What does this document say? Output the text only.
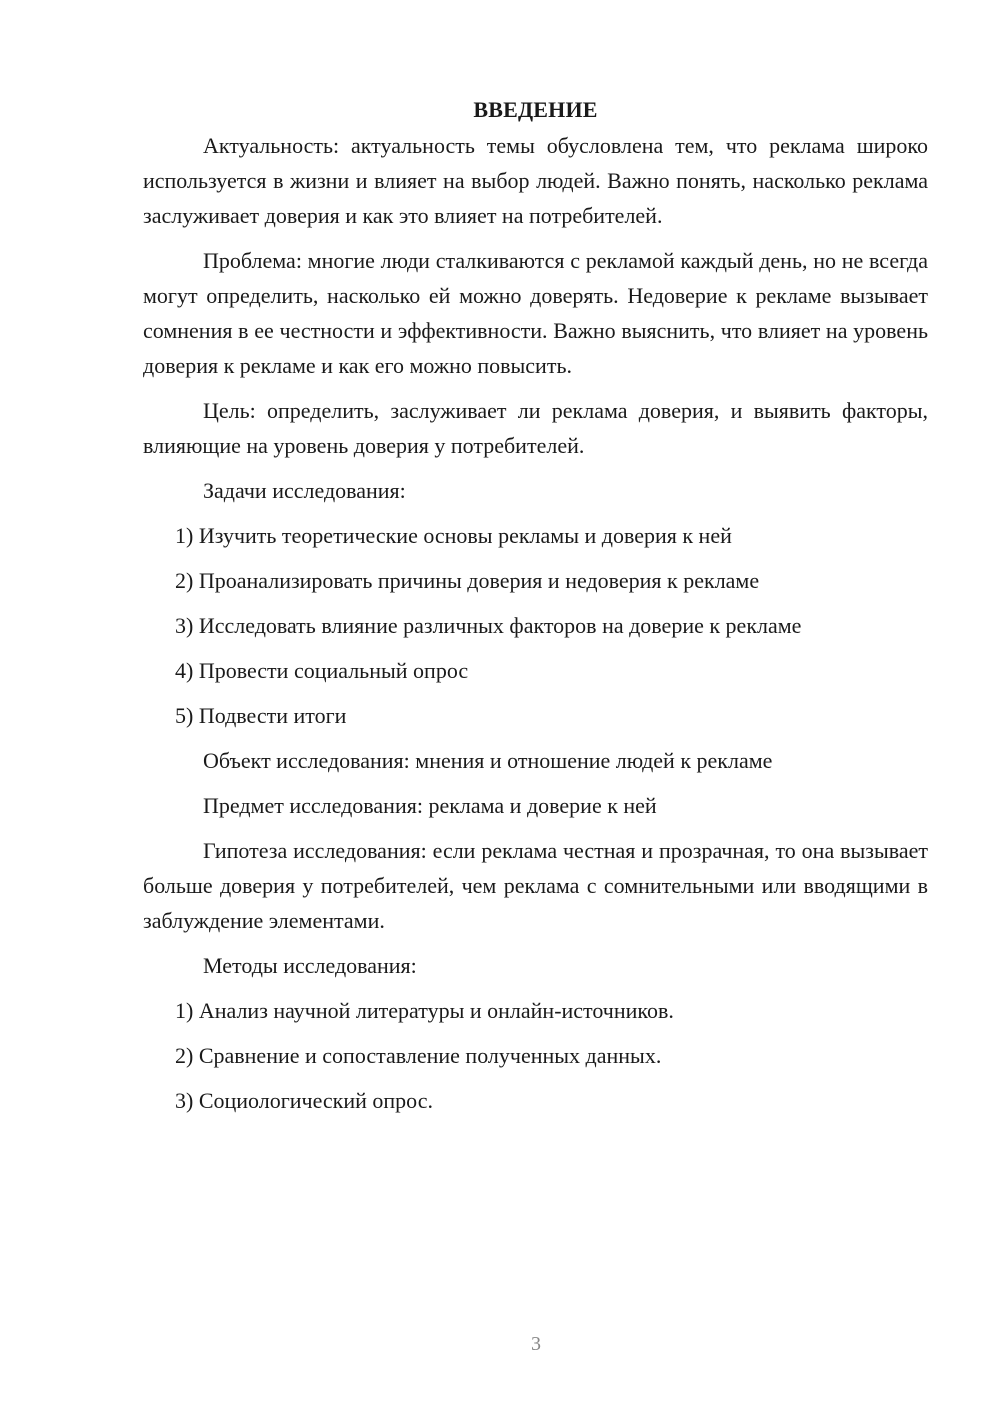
ВВЕДЕНИЕ

Актуальность: актуальность темы обусловлена тем, что реклама широко используется в жизни и влияет на выбор людей. Важно понять, насколько реклама заслуживает доверия и как это влияет на потребителей.

Проблема: многие люди сталкиваются с рекламой каждый день, но не всегда могут определить, насколько ей можно доверять. Недоверие к рекламе вызывает сомнения в ее честности и эффективности. Важно выяснить, что влияет на уровень доверия к рекламе и как его можно повысить.

Цель: определить, заслуживает ли реклама доверия, и выявить факторы, влияющие на уровень доверия у потребителей.

Задачи исследования:

1) Изучить теоретические основы рекламы и доверия к ней

2) Проанализировать причины доверия и недоверия к рекламе

3) Исследовать влияние различных факторов на доверие к рекламе

4) Провести социальный опрос

5) Подвести итоги

Объект исследования: мнения и отношение людей к рекламе

Предмет исследования: реклама и доверие к ней

Гипотеза исследования: если реклама честная и прозрачная, то она вызывает больше доверия у потребителей, чем реклама с сомнительными или вводящими в заблуждение элементами.

Методы исследования:

1) Анализ научной литературы и онлайн-источников.

2) Сравнение и сопоставление полученных данных.

3) Социологический опрос.

3
